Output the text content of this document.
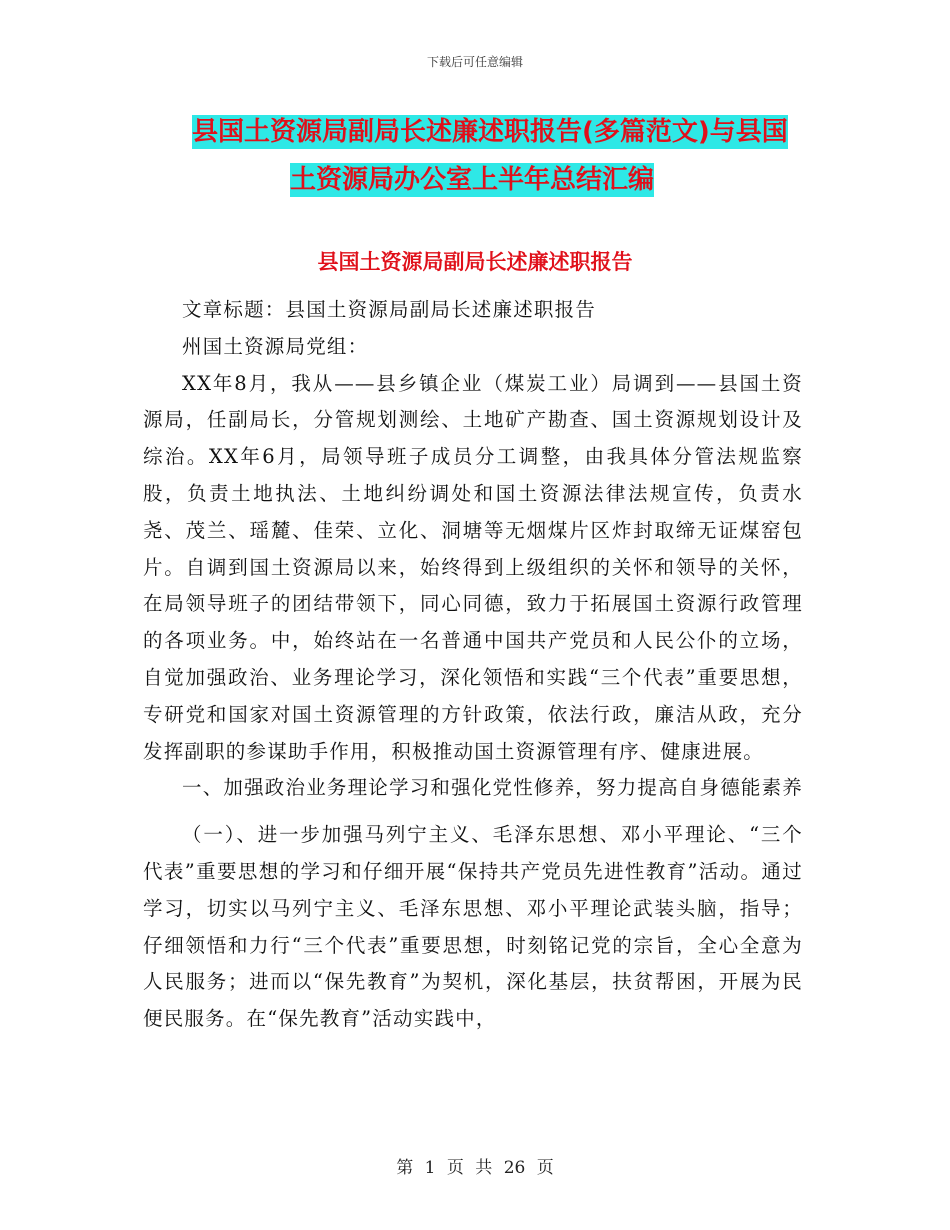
下载后可任意编辑
县国土资源局副局长述廉述职报告(多篇范文)与县国
土资源局办公室上半年总结汇编
县国土资源局副局长述廉述职报告

文章标题：县国土资源局副局长述廉述职报告

州国土资源局党组：

XX年8月，我从——县乡镇企业（煤炭工业）局调到——县国土资源局，任副局长，分管规划测绘、土地矿产勘查、国土资源规划设计及综治。XX年6月，局领导班子成员分工调整，由我具体分管法规监察股，负责土地执法、土地纠纷调处和国土资源法律法规宣传，负责水尧、茂兰、瑶麓、佳荣、立化、洞塘等无烟煤片区炸封取缔无证煤窑包片。自调到国土资源局以来，始终得到上级组织的关怀和领导的关怀，在局领导班子的团结带领下，同心同德，致力于拓展国土资源行政管理的各项业务。中，始终站在一名普通中国共产党员和人民公仆的立场，自觉加强政治、业务理论学习，深化领悟和实践“三个代表”重要思想，专研党和国家对国土资源管理的方针政策，依法行政，廉洁从政，充分发挥副职的参谋助手作用，积极推动国土资源管理有序、健康进展。

一、加强政治业务理论学习和强化党性修养，努力提高自身德能素养

（一）、进一步加强马列宁主义、毛泽东思想、邓小平理论、“三个代表”重要思想的学习和仔细开展“保持共产党员先进性教育”活动。通过学习，切实以马列宁主义、毛泽东思想、邓小平理论武装头脑，指导；仔细领悟和力行“三个代表”重要思想，时刻铭记党的宗旨，全心全意为人民服务；进而以“保先教育”为契机，深化基层，扶贫帮困，开展为民便民服务。在“保先教育”活动实践中，

第 1 页 共 26 页
